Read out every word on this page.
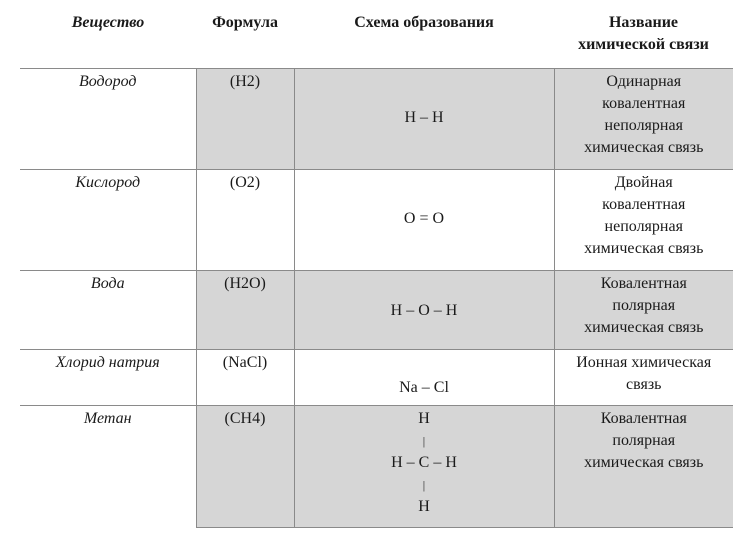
Вещество	Формула	Схема образования	Название
химической связи

Водород	(H2)	H – H	Одинарная
ковалентная
неполярная
химическая связь

Кислород	(O2)	O = O	Двойная
ковалентная
неполярная
химическая связь

Вода	(H2O)	H – O – H	Ковалентная
полярная
химическая связь

Хлорид натрия	(NaCl)	Na – Cl	Ионная химическая
связь

Метан	(CH4)	H
|
H – C – H
|
H	Ковалентная
полярная
химическая связь
